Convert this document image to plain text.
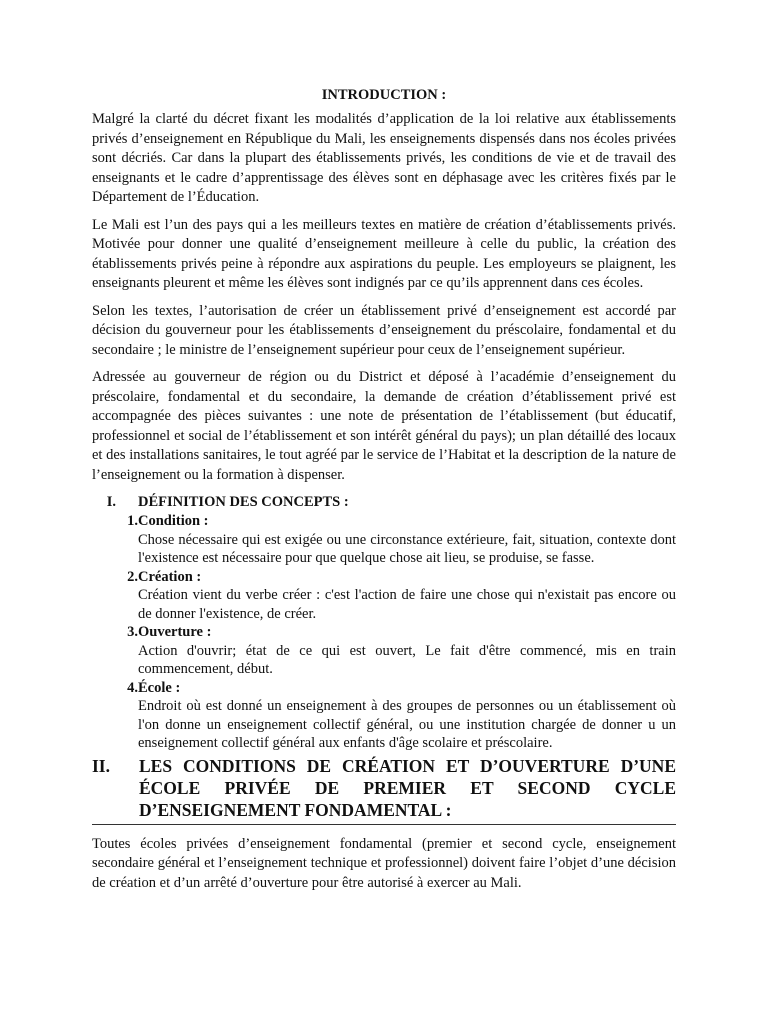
INTRODUCTION :

Malgré la clarté du décret fixant les modalités d’application de la loi relative aux établissements privés d’enseignement en République du Mali, les enseignements dispensés dans nos écoles privées sont décriés. Car dans la plupart des établissements privés, les conditions de vie et de travail des enseignants et le cadre d’apprentissage des élèves sont en déphasage avec les critères fixés par le Département de l’Éducation.

Le Mali est l’un des pays qui a les meilleurs textes en matière de création d’établissements privés. Motivée pour donner une qualité d’enseignement meilleure à celle du public, la création des établissements privés peine à répondre aux aspirations du peuple. Les employeurs se plaignent, les enseignants pleurent et même les élèves sont indignés par ce qu’ils apprennent dans ces écoles.

Selon les textes, l’autorisation de créer un établissement privé d’enseignement est accordé par décision du gouverneur pour les établissements d’enseignement du préscolaire, fondamental et du secondaire ; le ministre de l’enseignement supérieur pour ceux de l’enseignement supérieur.

Adressée au gouverneur de région ou du District et déposé à l’académie d’enseignement du préscolaire, fondamental et du secondaire, la demande de création d’établissement privé est accompagnée des pièces suivantes : une note de présentation de l’établissement (but éducatif, professionnel et social de l’établissement et son intérêt général du pays); un plan détaillé des locaux et des installations sanitaires, le tout agréé par le service de l’Habitat et la description de la nature de l’enseignement ou la formation à dispenser.

I. DÉFINITION DES CONCEPTS :
1. Condition :
Chose nécessaire qui est exigée ou une circonstance extérieure, fait, situation, contexte dont l'existence est nécessaire pour que quelque chose ait lieu, se produise, se fasse.
2. Création :
Création vient du verbe créer : c'est l'action de faire une chose qui n'existait pas encore ou de donner l'existence, de créer.
3. Ouverture :
Action d'ouvrir; état de ce qui est ouvert, Le fait d'être commencé, mis en train commencement, début.
4. École :
Endroit où est donné un enseignement à des groupes de personnes ou un établissement où l'on donne un enseignement collectif général, ou une institution chargée de donner u un enseignement collectif général aux enfants d'âge scolaire et préscolaire.
II. LES CONDITIONS DE CRÉATION ET D’OUVERTURE D’UNE ÉCOLE PRIVÉE DE PREMIER ET SECOND CYCLE D’ENSEIGNEMENT FONDAMENTAL :

Toutes écoles privées d’enseignement fondamental (premier et second cycle, enseignement secondaire général et l’enseignement technique et professionnel) doivent faire l’objet d’une décision de création et d’un arrêté d’ouverture pour être autorisé à exercer au Mali.
